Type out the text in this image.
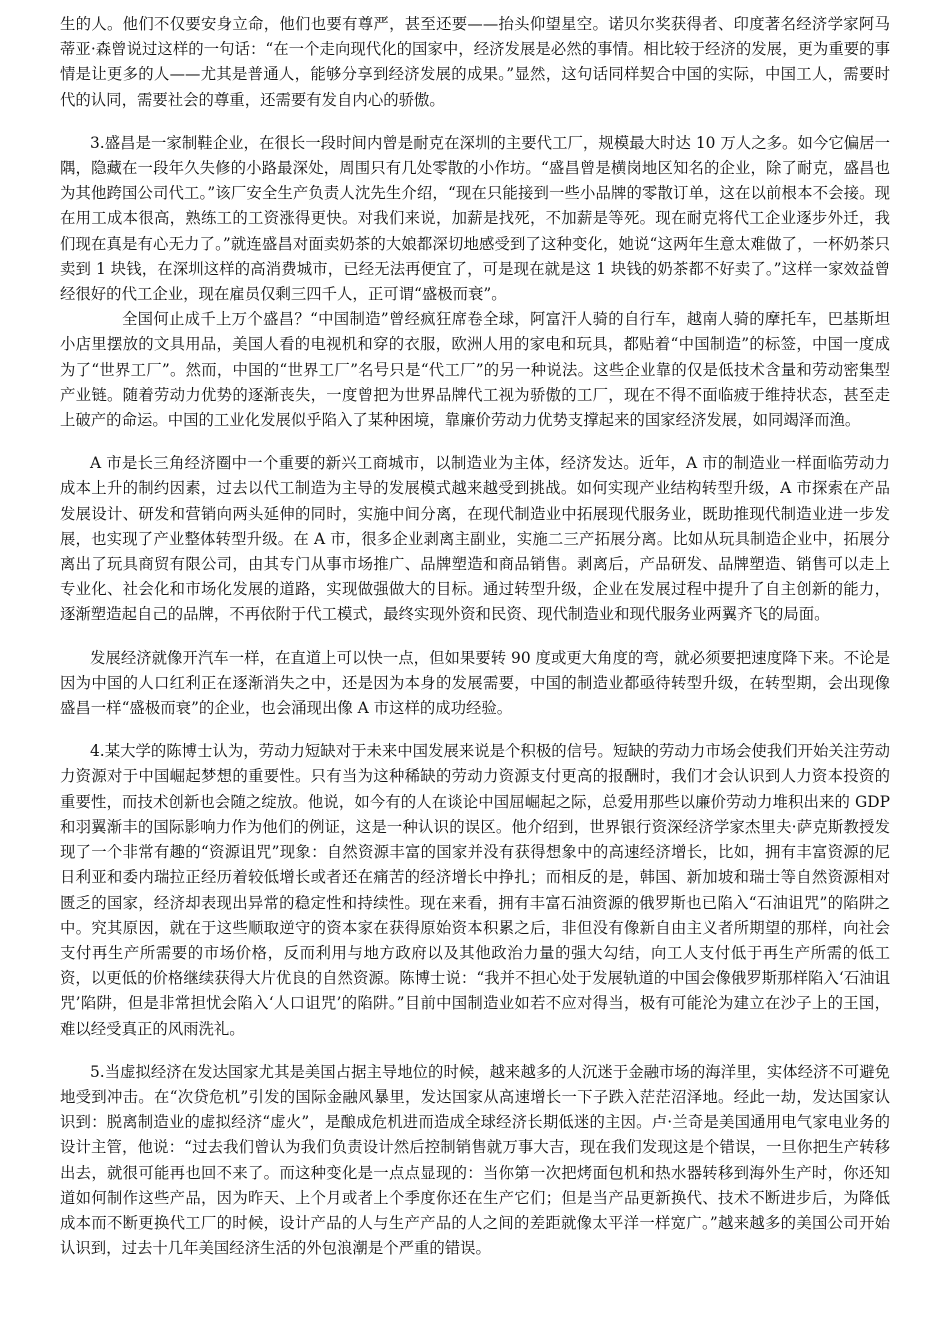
生的人。他们不仅要安身立命，他们也要有尊严，甚至还要——抬头仰望星空。诺贝尔奖获得者、印度著名经济学家阿马蒂亚·森曾说过这样的一句话：“在一个走向现代化的国家中，经济发展是必然的事情。相比较于经济的发展，更为重要的事情是让更多的人——尤其是普通人，能够分享到经济发展的成果。”显然，这句话同样契合中国的实际，中国工人，需要时代的认同，需要社会的尊重，还需要有发自内心的骄傲。

3.盛昌是一家制鞋企业，在很长一段时间内曾是耐克在深圳的主要代工厂，规模最大时达 10 万人之多。如今它偏居一隅，隐藏在一段年久失修的小路最深处，周围只有几处零散的小作坊。“盛昌曾是横岗地区知名的企业，除了耐克，盛昌也为其他跨国公司代工。”该厂安全生产负责人沈先生介绍，“现在只能接到一些小品牌的零散订单，这在以前根本不会接。现在用工成本很高，熟练工的工资涨得更快。对我们来说，加薪是找死，不加薪是等死。现在耐克将代工企业逐步外迁，我们现在真是有心无力了。”就连盛昌对面卖奶茶的大娘都深切地感受到了这种变化，她说“这两年生意太难做了，一杯奶茶只卖到 1 块钱，在深圳这样的高消费城市，已经无法再便宜了，可是现在就是这 1 块钱的奶茶都不好卖了。”这样一家效益曾经很好的代工企业，现在雇员仅剩三四千人，正可谓“盛极而衰”。

全国何止成千上万个盛昌？“中国制造”曾经疯狂席卷全球，阿富汗人骑的自行车，越南人骑的摩托车，巴基斯坦小店里摆放的文具用品，美国人看的电视机和穿的衣服，欧洲人用的家电和玩具，都贴着“中国制造”的标签，中国一度成为了“世界工厂”。然而，中国的“世界工厂”名号只是“代工厂”的另一种说法。这些企业靠的仅是低技术含量和劳动密集型产业链。随着劳动力优势的逐渐丧失，一度曾把为世界品牌代工视为骄傲的工厂，现在不得不面临疲于维持状态，甚至走上破产的命运。中国的工业化发展似乎陷入了某种困境，靠廉价劳动力优势支撑起来的国家经济发展，如同竭泽而渔。

A 市是长三角经济圈中一个重要的新兴工商城市，以制造业为主体，经济发达。近年，A 市的制造业一样面临劳动力成本上升的制约因素，过去以代工制造为主导的发展模式越来越受到挑战。如何实现产业结构转型升级，A 市探索在产品发展设计、研发和营销向两头延伸的同时，实施中间分离，在现代制造业中拓展现代服务业，既助推现代制造业进一步发展，也实现了产业整体转型升级。在 A 市，很多企业剥离主副业，实施二三产拓展分离。比如从玩具制造企业中，拓展分离出了玩具商贸有限公司，由其专门从事市场推广、品牌塑造和商品销售。剥离后，产品研发、品牌塑造、销售可以走上专业化、社会化和市场化发展的道路，实现做强做大的目标。通过转型升级，企业在发展过程中提升了自主创新的能力，逐渐塑造起自己的品牌，不再依附于代工模式，最终实现外资和民资、现代制造业和现代服务业两翼齐飞的局面。

发展经济就像开汽车一样，在直道上可以快一点，但如果要转 90 度或更大角度的弯，就必须要把速度降下来。不论是因为中国的人口红利正在逐渐消失之中，还是因为本身的发展需要，中国的制造业都亟待转型升级，在转型期，会出现像盛昌一样“盛极而衰”的企业，也会涌现出像 A 市这样的成功经验。

4.某大学的陈博士认为，劳动力短缺对于未来中国发展来说是个积极的信号。短缺的劳动力市场会使我们开始关注劳动力资源对于中国崛起梦想的重要性。只有当为这种稀缺的劳动力资源支付更高的报酬时，我们才会认识到人力资本投资的重要性，而技术创新也会随之绽放。他说，如今有的人在谈论中国屈崛起之际，总爱用那些以廉价劳动力堆积出来的 GDP 和羽翼渐丰的国际影响力作为他们的例证，这是一种认识的误区。他介绍到，世界银行资深经济学家杰里夫·萨克斯教授发现了一个非常有趣的“资源诅咒”现象：自然资源丰富的国家并没有获得想象中的高速经济增长，比如，拥有丰富资源的尼日利亚和委内瑞拉正经历着较低增长或者还在痛苦的经济增长中挣扎；而相反的是，韩国、新加坡和瑞士等自然资源相对匮乏的国家，经济却表现出异常的稳定性和持续性。现在来看，拥有丰富石油资源的俄罗斯也已陷入“石油诅咒”的陷阱之中。究其原因，就在于这些顺取逆守的资本家在获得原始资本积累之后，非但没有像新自由主义者所期望的那样，向社会支付再生产所需要的市场价格，反而利用与地方政府以及其他政治力量的强大勾结，向工人支付低于再生产所需的低工资，以更低的价格继续获得大片优良的自然资源。陈博士说：“我并不担心处于发展轨道的中国会像俄罗斯那样陷入‘石油诅咒’陷阱，但是非常担忧会陷入‘人口诅咒’的陷阱。”目前中国制造业如若不应对得当，极有可能沦为建立在沙子上的王国，难以经受真正的风雨洗礼。

5.当虚拟经济在发达国家尤其是美国占据主导地位的时候，越来越多的人沉迷于金融市场的海洋里，实体经济不可避免地受到冲击。在“次贷危机”引发的国际金融风暴里，发达国家从高速增长一下子跌入茫茫沼泽地。经此一劫，发达国家认识到：脱离制造业的虚拟经济“虚火”，是酿成危机进而造成全球经济长期低迷的主因。卢·兰奇是美国通用电气家电业务的设计主管，他说：“过去我们曾认为我们负责设计然后控制销售就万事大吉，现在我们发现这是个错误，一旦你把生产转移出去，就很可能再也回不来了。而这种变化是一点点显现的：当你第一次把烤面包机和热水器转移到海外生产时，你还知道如何制作这些产品，因为昨天、上个月或者上个季度你还在生产它们；但是当产品更新换代、技术不断进步后，为降低成本而不断更换代工厂的时候，设计产品的人与生产产品的人之间的差距就像太平洋一样宽广。”越来越多的美国公司开始认识到，过去十几年美国经济生活的外包浪潮是个严重的错误。
